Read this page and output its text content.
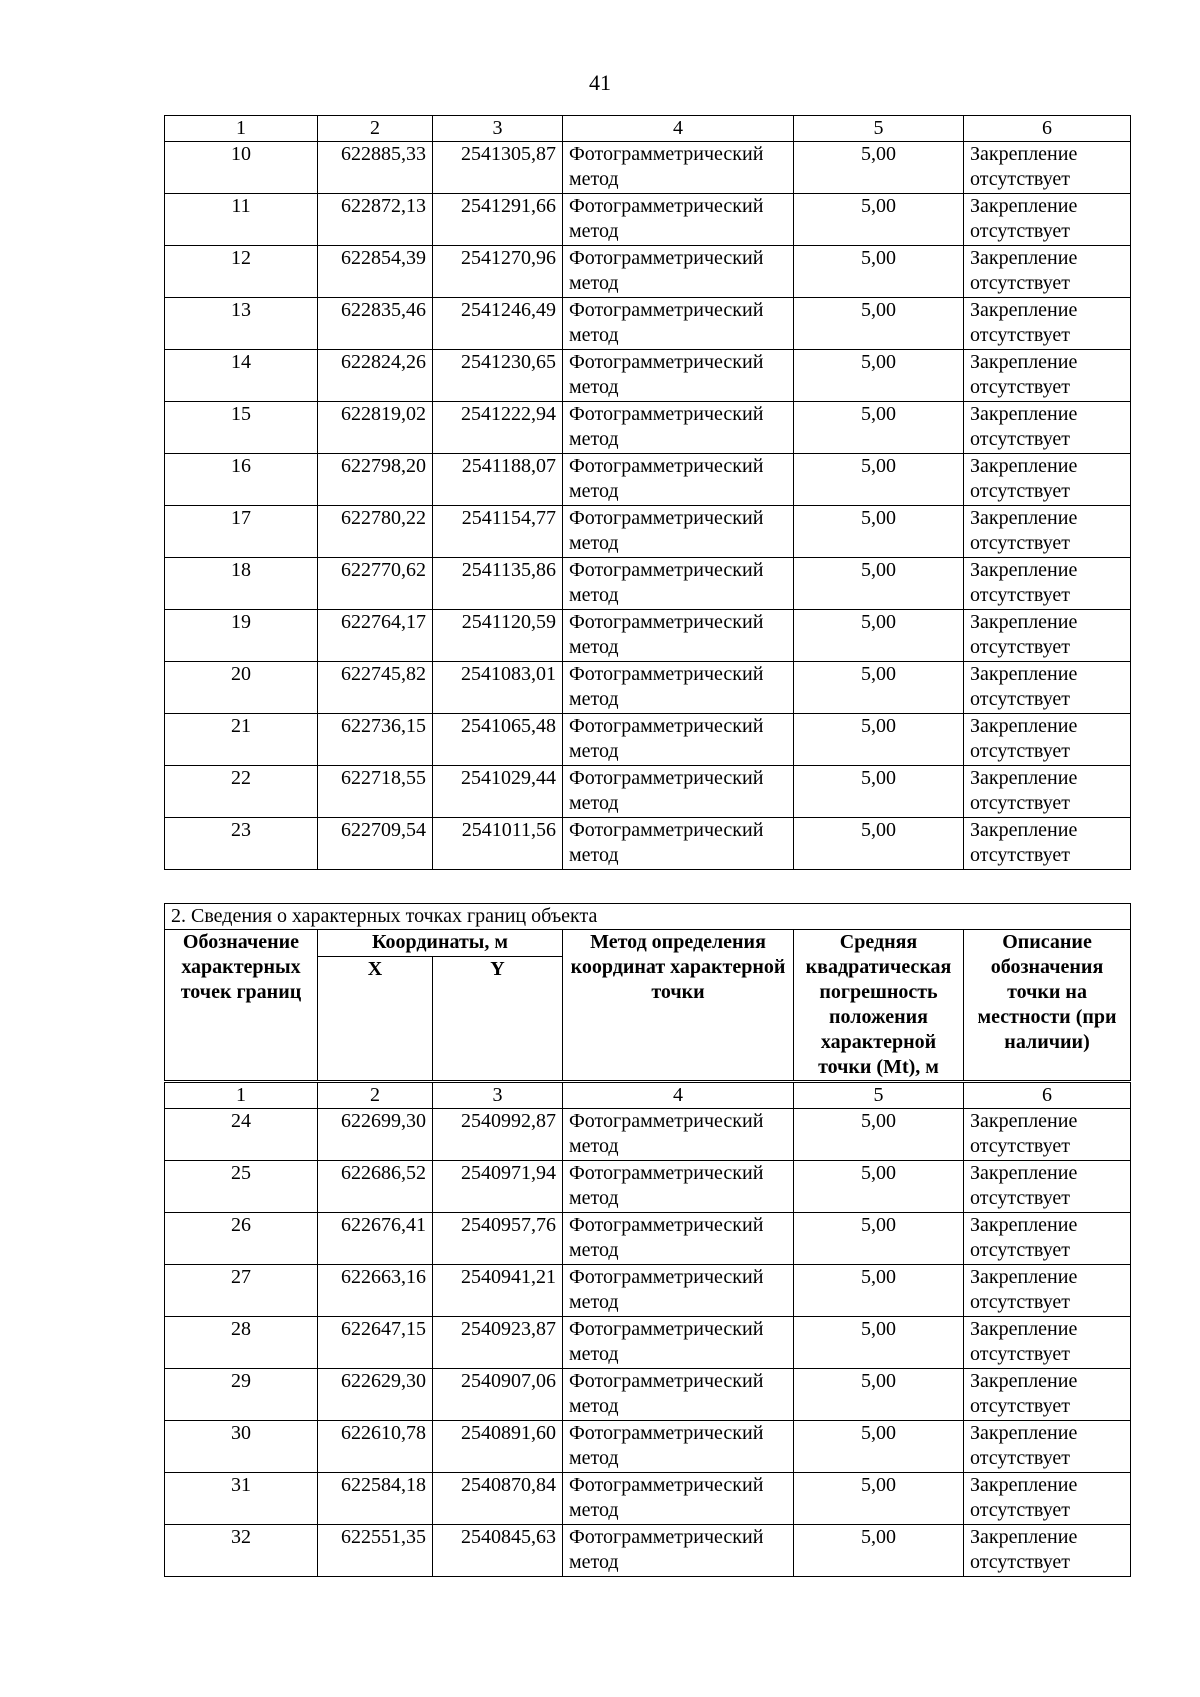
41
1	2	3	4	5	6
10	622885,33	2541305,87	Фотограмметрический метод	5,00	Закрепление отсутствует
11	622872,13	2541291,66	Фотограмметрический метод	5,00	Закрепление отсутствует
12	622854,39	2541270,96	Фотограмметрический метод	5,00	Закрепление отсутствует
13	622835,46	2541246,49	Фотограмметрический метод	5,00	Закрепление отсутствует
14	622824,26	2541230,65	Фотограмметрический метод	5,00	Закрепление отсутствует
15	622819,02	2541222,94	Фотограмметрический метод	5,00	Закрепление отсутствует
16	622798,20	2541188,07	Фотограмметрический метод	5,00	Закрепление отсутствует
17	622780,22	2541154,77	Фотограмметрический метод	5,00	Закрепление отсутствует
18	622770,62	2541135,86	Фотограмметрический метод	5,00	Закрепление отсутствует
19	622764,17	2541120,59	Фотограмметрический метод	5,00	Закрепление отсутствует
20	622745,82	2541083,01	Фотограмметрический метод	5,00	Закрепление отсутствует
21	622736,15	2541065,48	Фотограмметрический метод	5,00	Закрепление отсутствует
22	622718,55	2541029,44	Фотограмметрический метод	5,00	Закрепление отсутствует
23	622709,54	2541011,56	Фотограмметрический метод	5,00	Закрепление отсутствует
2. Сведения о характерных точках границ объекта					
Обозначение характерных точек границ	Координаты, м		Метод определения координат характерной точки	Средняя квадратическая погрешность положения характерной точки (Mt), м	Описание обозначения точки на местности (при наличии)
	X	Y			
1	2	3	4	5	6
24	622699,30	2540992,87	Фотограмметрический метод	5,00	Закрепление отсутствует
25	622686,52	2540971,94	Фотограмметрический метод	5,00	Закрепление отсутствует
26	622676,41	2540957,76	Фотограмметрический метод	5,00	Закрепление отсутствует
27	622663,16	2540941,21	Фотограмметрический метод	5,00	Закрепление отсутствует
28	622647,15	2540923,87	Фотограмметрический метод	5,00	Закрепление отсутствует
29	622629,30	2540907,06	Фотограмметрический метод	5,00	Закрепление отсутствует
30	622610,78	2540891,60	Фотограмметрический метод	5,00	Закрепление отсутствует
31	622584,18	2540870,84	Фотограмметрический метод	5,00	Закрепление отсутствует
32	622551,35	2540845,63	Фотограмметрический метод	5,00	Закрепление отсутствует
